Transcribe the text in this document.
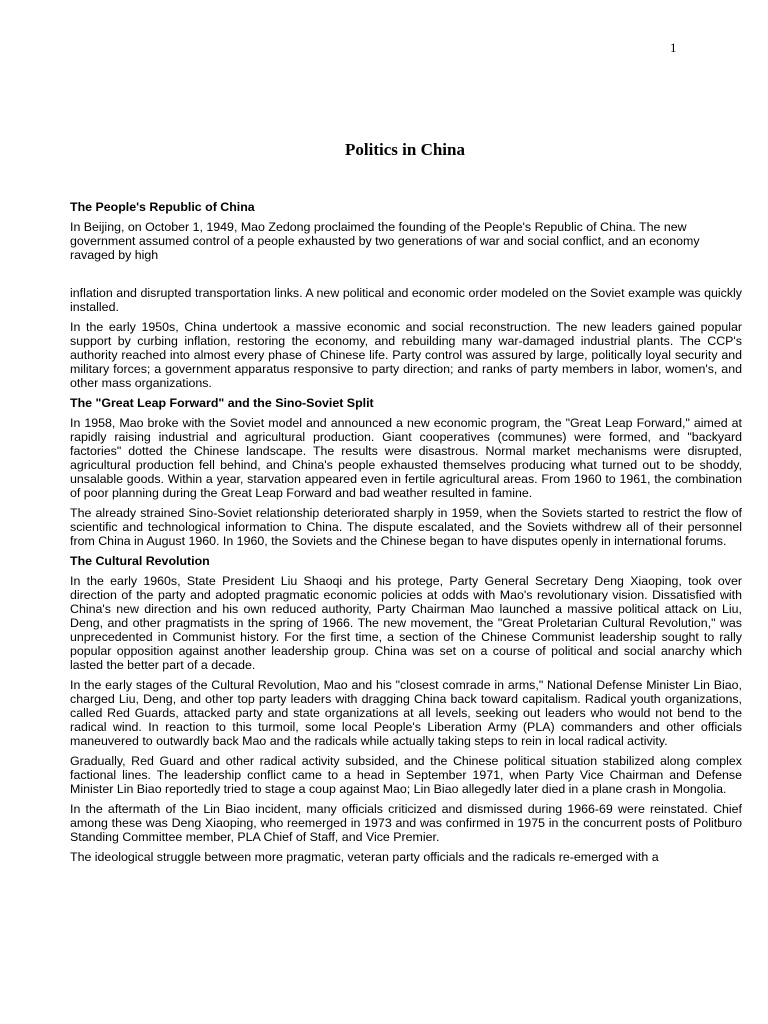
1
Politics in China
The People's Republic of China

In Beijing, on October 1, 1949, Mao Zedong proclaimed the founding of the People's Republic of China. The new government assumed control of a people exhausted by two generations of war and social conflict, and an economy ravaged by high

inflation and disrupted transportation links. A new political and economic order modeled on the Soviet example was quickly installed.

In the early 1950s, China undertook a massive economic and social reconstruction. The new leaders gained popular support by curbing inflation, restoring the economy, and rebuilding many war-damaged industrial plants. The CCP's authority reached into almost every phase of Chinese life. Party control was assured by large, politically loyal security and military forces; a government apparatus responsive to party direction; and ranks of party members in labor, women's, and other mass organizations.

The "Great Leap Forward" and the Sino-Soviet Split

In 1958, Mao broke with the Soviet model and announced a new economic program, the "Great Leap Forward," aimed at rapidly raising industrial and agricultural production. Giant cooperatives (communes) were formed, and "backyard factories" dotted the Chinese landscape. The results were disastrous. Normal market mechanisms were disrupted, agricultural production fell behind, and China's people exhausted themselves producing what turned out to be shoddy, unsalable goods. Within a year, starvation appeared even in fertile agricultural areas. From 1960 to 1961, the combination of poor planning during the Great Leap Forward and bad weather resulted in famine.

The already strained Sino-Soviet relationship deteriorated sharply in 1959, when the Soviets started to restrict the flow of scientific and technological information to China. The dispute escalated, and the Soviets withdrew all of their personnel from China in August 1960. In 1960, the Soviets and the Chinese began to have disputes openly in international forums.

The Cultural Revolution

In the early 1960s, State President Liu Shaoqi and his protege, Party General Secretary Deng Xiaoping, took over direction of the party and adopted pragmatic economic policies at odds with Mao's revolutionary vision. Dissatisfied with China's new direction and his own reduced authority, Party Chairman Mao launched a massive political attack on Liu, Deng, and other pragmatists in the spring of 1966. The new movement, the "Great Proletarian Cultural Revolution," was unprecedented in Communist history. For the first time, a section of the Chinese Communist leadership sought to rally popular opposition against another leadership group. China was set on a course of political and social anarchy which lasted the better part of a decade.

In the early stages of the Cultural Revolution, Mao and his "closest comrade in arms," National Defense Minister Lin Biao, charged Liu, Deng, and other top party leaders with dragging China back toward capitalism. Radical youth organizations, called Red Guards, attacked party and state organizations at all levels, seeking out leaders who would not bend to the radical wind. In reaction to this turmoil, some local People's Liberation Army (PLA) commanders and other officials maneuvered to outwardly back Mao and the radicals while actually taking steps to rein in local radical activity.

Gradually, Red Guard and other radical activity subsided, and the Chinese political situation stabilized along complex factional lines. The leadership conflict came to a head in September 1971, when Party Vice Chairman and Defense Minister Lin Biao reportedly tried to stage a coup against Mao; Lin Biao allegedly later died in a plane crash in Mongolia.

In the aftermath of the Lin Biao incident, many officials criticized and dismissed during 1966-69 were reinstated. Chief among these was Deng Xiaoping, who reemerged in 1973 and was confirmed in 1975 in the concurrent posts of Politburo Standing Committee member, PLA Chief of Staff, and Vice Premier.

The ideological struggle between more pragmatic, veteran party officials and the radicals re-emerged with a
